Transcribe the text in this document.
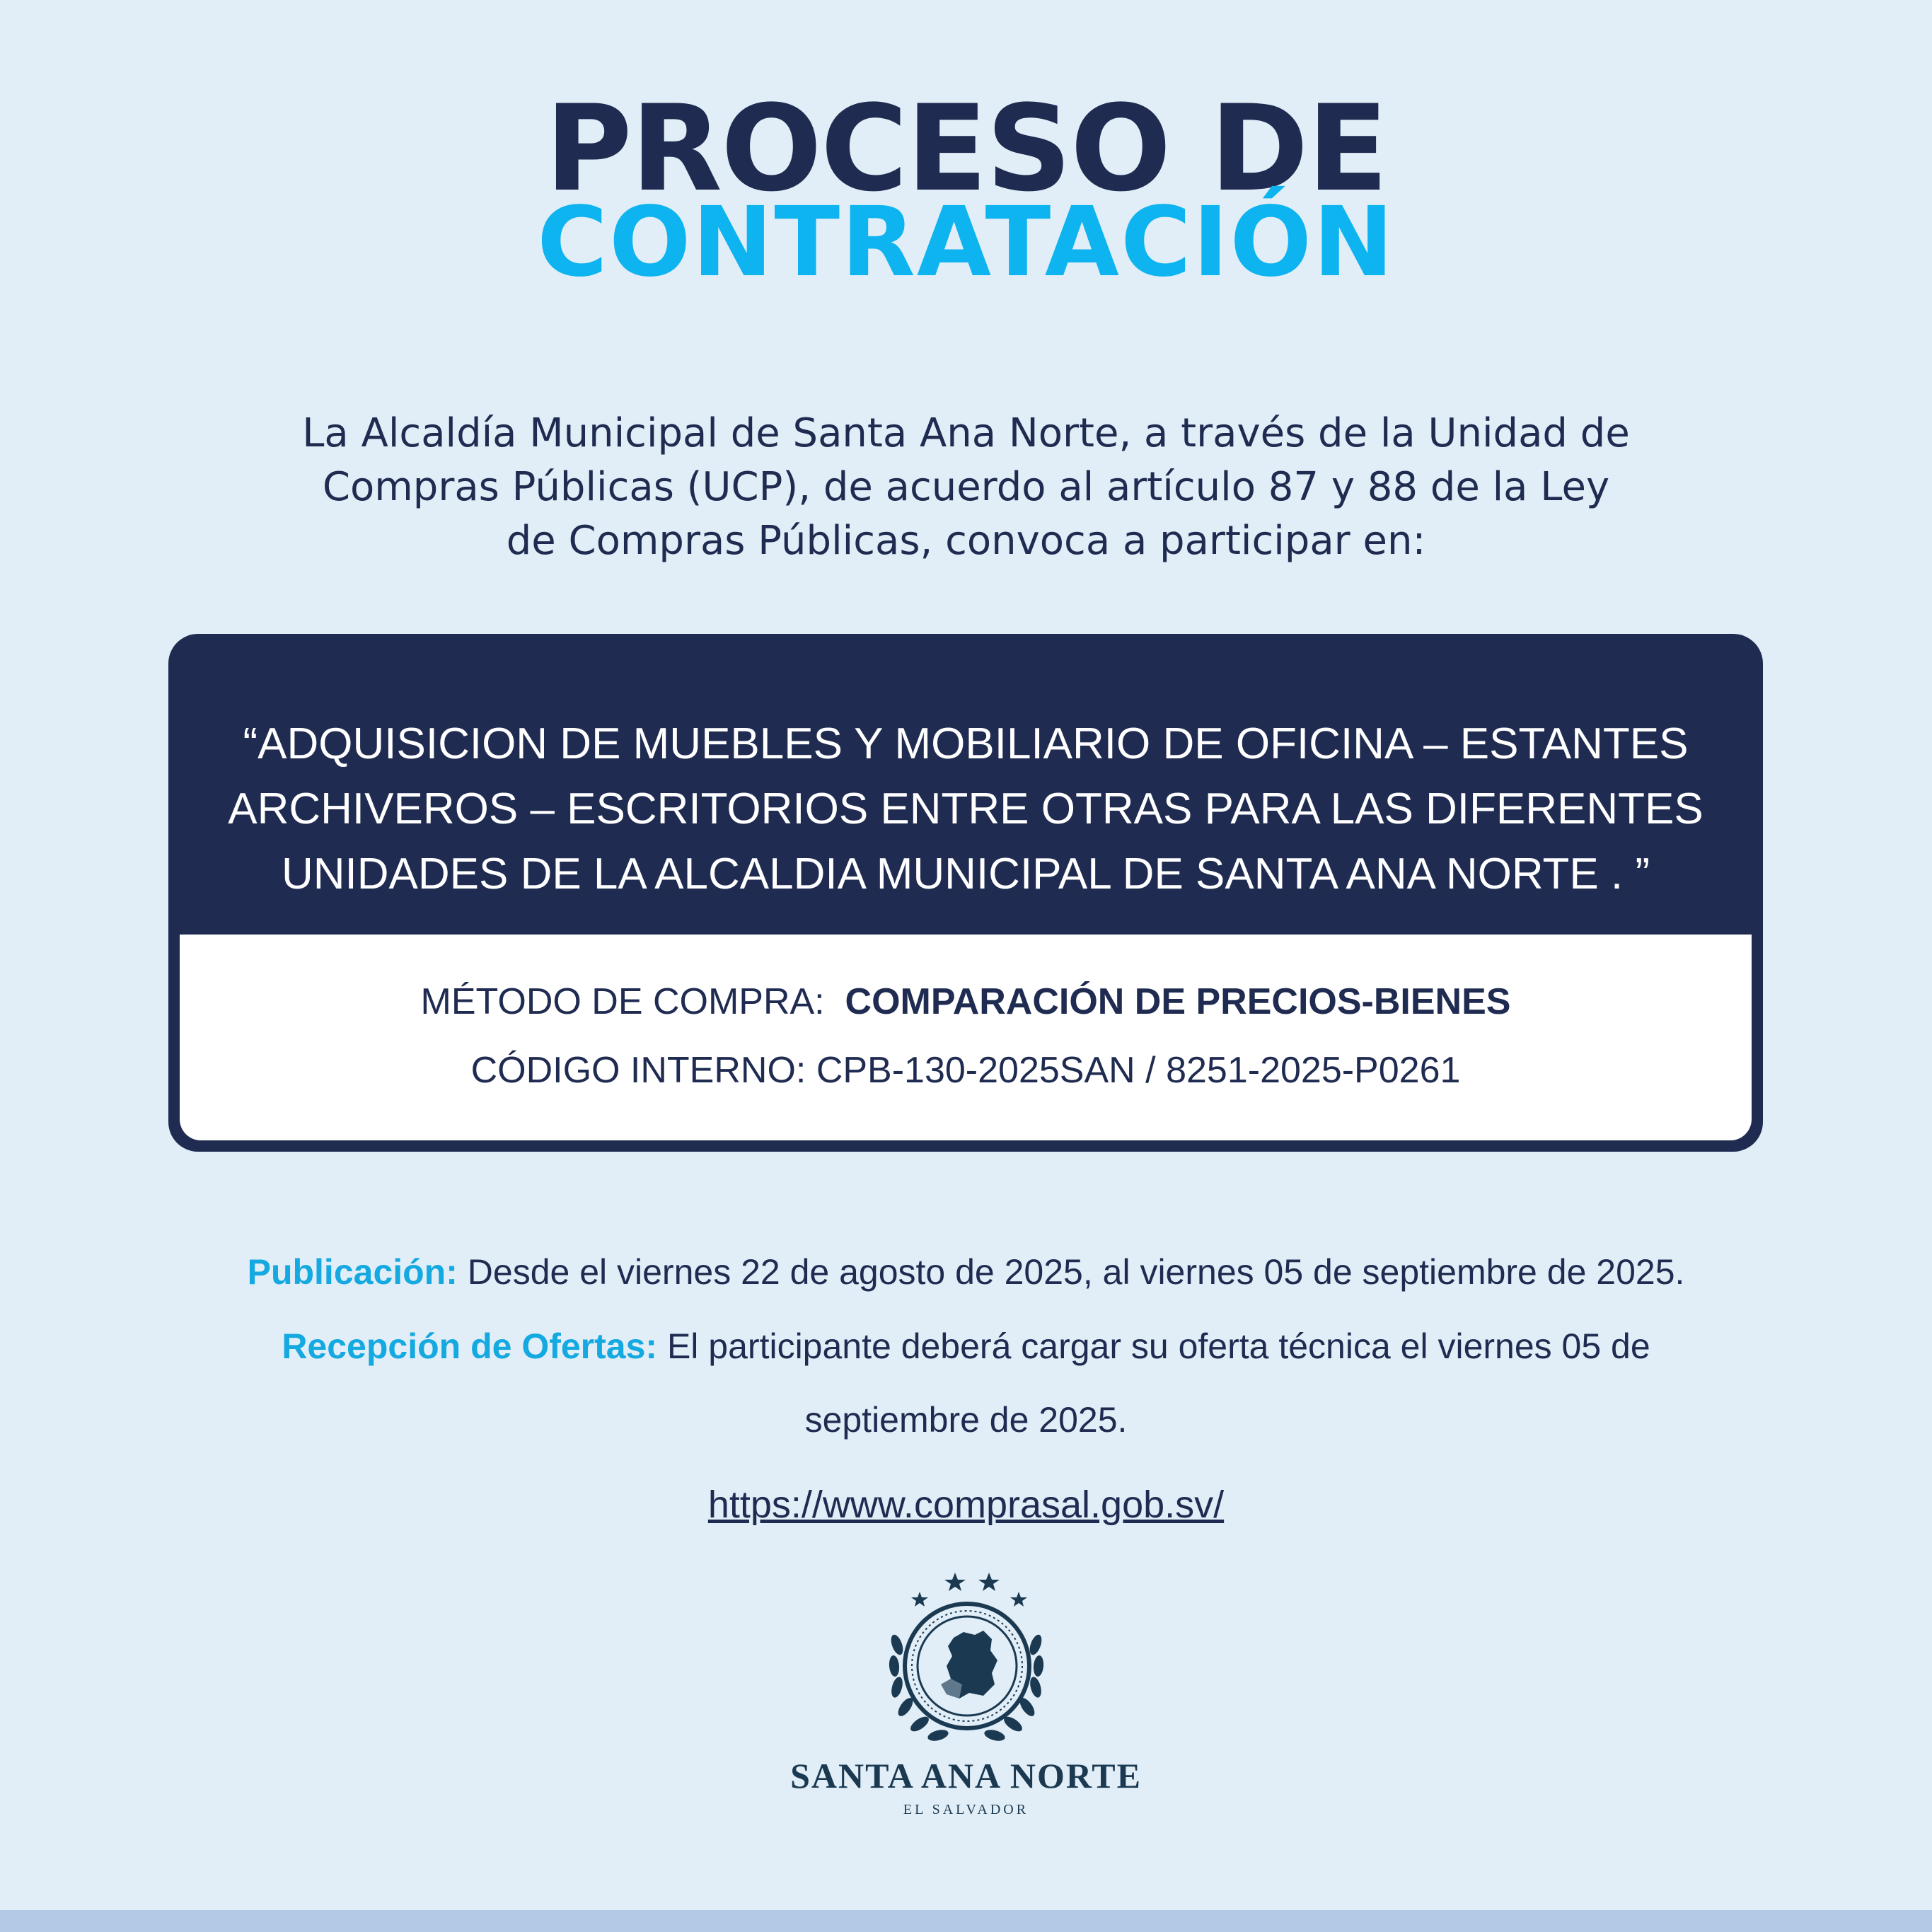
PROCESO DE
CONTRATACIÓN
La Alcaldía Municipal de Santa Ana Norte, a través de la Unidad de
Compras Públicas (UCP), de acuerdo al artículo 87 y 88 de la Ley
de Compras Públicas, convoca a participar en:
“ADQUISICION DE MUEBLES Y MOBILIARIO DE OFICINA – ESTANTES
ARCHIVEROS – ESCRITORIOS ENTRE OTRAS PARA LAS DIFERENTES
UNIDADES DE LA ALCALDIA MUNICIPAL DE SANTA ANA NORTE . ”
MÉTODO DE COMPRA: COMPARACIÓN DE PRECIOS-BIENES
CÓDIGO INTERNO: CPB-130-2025SAN / 8251-2025-P0261
Publicación: Desde el viernes 22 de agosto de 2025, al viernes 05 de septiembre de 2025.
Recepción de Ofertas: El participante deberá cargar su oferta técnica el viernes 05 de
septiembre de 2025.
https://www.comprasal.gob.sv/
SANTA ANA NORTE
EL SALVADOR
